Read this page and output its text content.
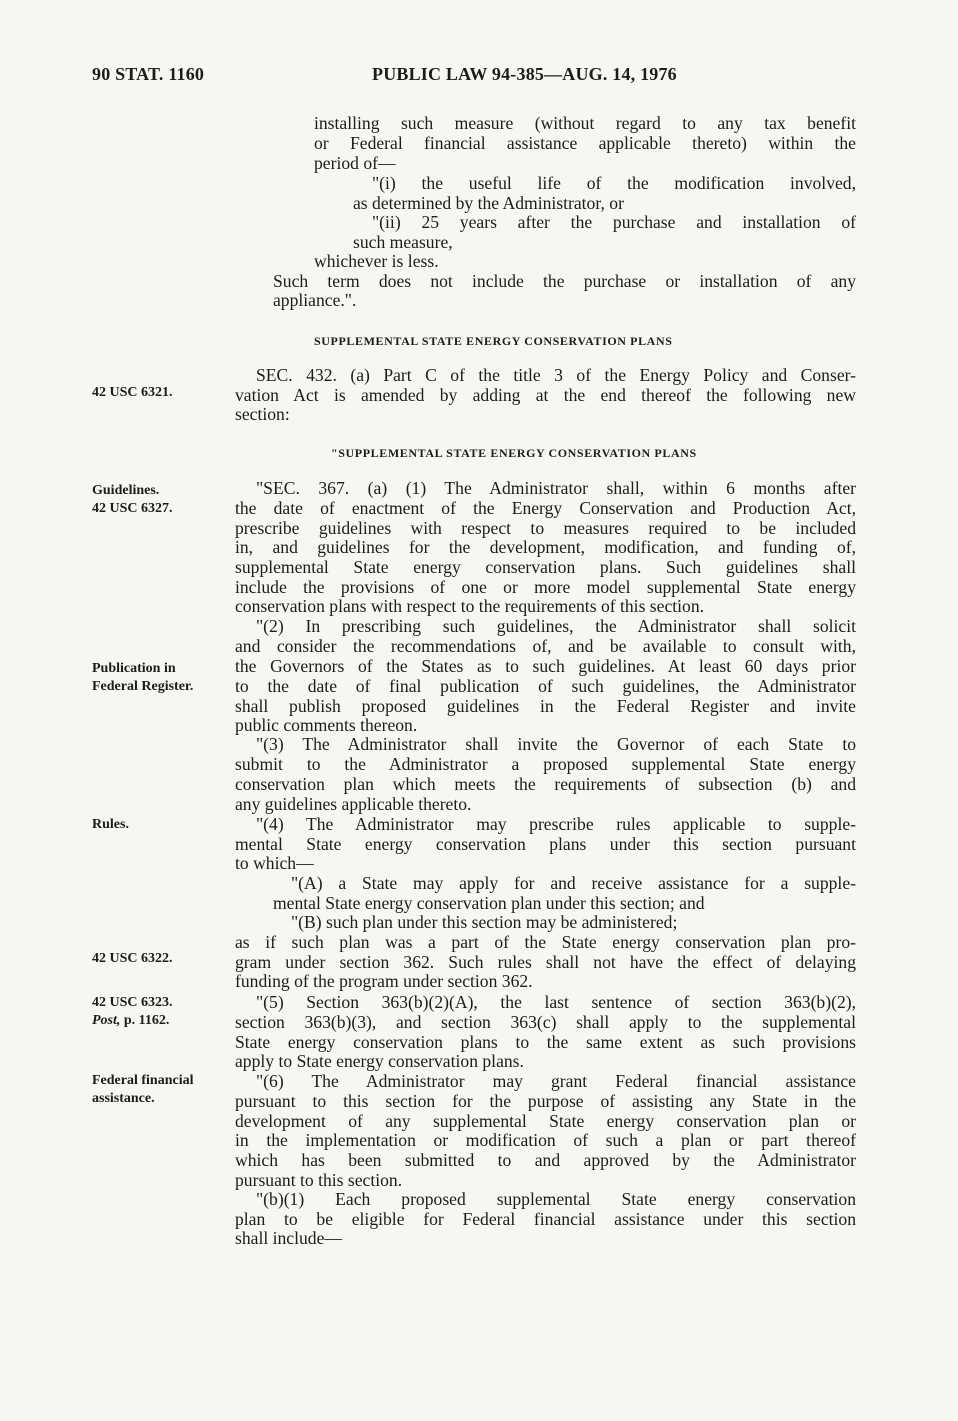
90 STAT. 1160	PUBLIC LAW 94-385—AUG. 14, 1976
42 USC 6321.
Guidelines.
42 USC 6327.
Publication in
Federal Register.
Rules.
42 USC 6322.
42 USC 6323.
Post, p. 1162.
Federal financial
assistance.
installing such measure (without regard to any tax benefit
or Federal financial assistance applicable thereto) within the
period of—
"(i) the useful life of the modification involved,
as determined by the Administrator, or
"(ii) 25 years after the purchase and installation of
such measure,
whichever is less.
Such term does not include the purchase or installation of any
appliance.".
SUPPLEMENTAL STATE ENERGY CONSERVATION PLANS
SEC. 432. (a) Part C of the title 3 of the Energy Policy and Conser-
vation Act is amended by adding at the end thereof the following new
section:
"SUPPLEMENTAL STATE ENERGY CONSERVATION PLANS
"SEC. 367. (a) (1) The Administrator shall, within 6 months after
the date of enactment of the Energy Conservation and Production Act,
prescribe guidelines with respect to measures required to be included
in, and guidelines for the development, modification, and funding of,
supplemental State energy conservation plans. Such guidelines shall
include the provisions of one or more model supplemental State energy
conservation plans with respect to the requirements of this section.
"(2) In prescribing such guidelines, the Administrator shall solicit
and consider the recommendations of, and be available to consult with,
the Governors of the States as to such guidelines. At least 60 days prior
to the date of final publication of such guidelines, the Administrator
shall publish proposed guidelines in the Federal Register and invite
public comments thereon.
"(3) The Administrator shall invite the Governor of each State to
submit to the Administrator a proposed supplemental State energy
conservation plan which meets the requirements of subsection (b) and
any guidelines applicable thereto.
"(4) The Administrator may prescribe rules applicable to supple-
mental State energy conservation plans under this section pursuant
to which—
"(A) a State may apply for and receive assistance for a supple-
mental State energy conservation plan under this section; and
"(B) such plan under this section may be administered;
as if such plan was a part of the State energy conservation plan pro-
gram under section 362. Such rules shall not have the effect of delaying
funding of the program under section 362.
"(5) Section 363(b)(2)(A), the last sentence of section 363(b)(2),
section 363(b)(3), and section 363(c) shall apply to the supplemental
State energy conservation plans to the same extent as such provisions
apply to State energy conservation plans.
"(6) The Administrator may grant Federal financial assistance
pursuant to this section for the purpose of assisting any State in the
development of any supplemental State energy conservation plan or
in the implementation or modification of such a plan or part thereof
which has been submitted to and approved by the Administrator
pursuant to this section.
"(b)(1) Each proposed supplemental State energy conservation
plan to be eligible for Federal financial assistance under this section
shall include—
